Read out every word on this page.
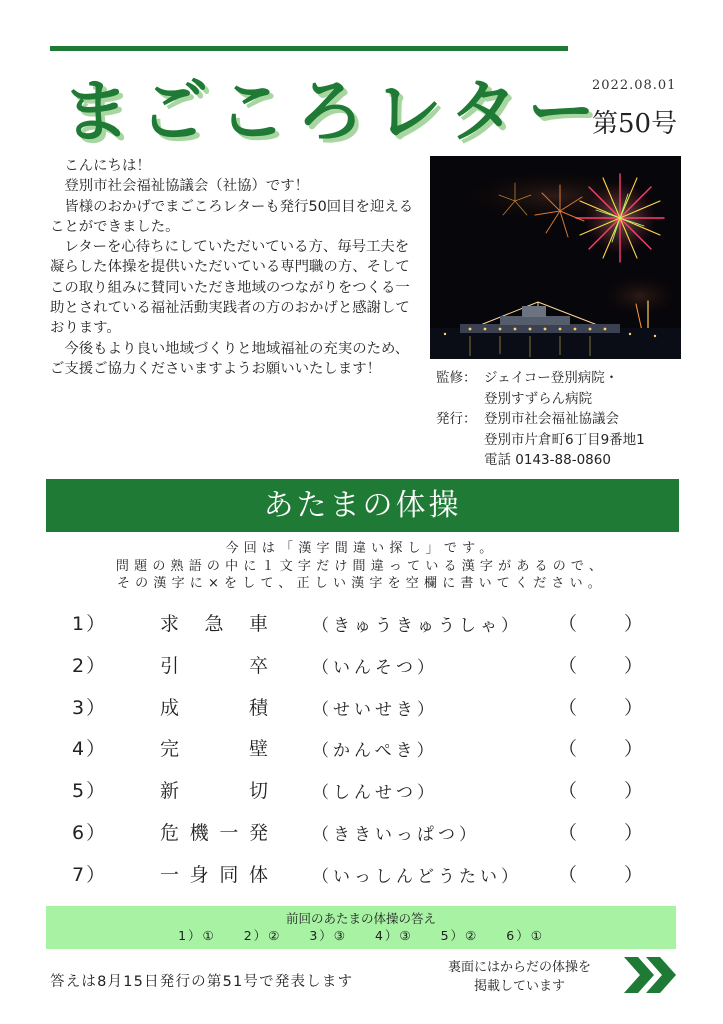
まごころレター
2022.08.01
第50号

こんにちは！

登別市社会福祉協議会（社協）です！

皆様のおかげでまごころレターも発行50回目を迎えることができました。

レターを心待ちにしていただいている方、毎号工夫を凝らした体操を提供いただいている専門職の方、そしてこの取り組みに賛同いただき地域のつながりをつくる一助とされている福祉活動実践者の方のおかげと感謝しております。

今後もより良い地域づくりと地域福祉の充実のため、ご支援ご協力くださいますようお願いいたします！

監修： ジェイコー登別病院・
登別すずらん病院
発行： 登別市社会福祉協議会
登別市片倉町6丁目9番地1
電話 0143-88-0860
あたまの体操
今回は「漢字間違い探し」です。
問題の熟語の中に１文字だけ間違っている漢字があるので、
その漢字に×をして、正しい漢字を空欄に書いてください。
1）	求 急 車	（きゅうきゅうしゃ） （ ）
2）	引	卒	（いんそつ）	（ ）
3）	成	積	（せいせき）	（ ）
4）	完	壁	（かんぺき）	（ ）
5）	新	切	（しんせつ）	（ ）
6）	危 機 一 発	（ききいっぱつ）	（ ）
7）	一 身 同 体	（いっしんどうたい） （ ）
前回のあたまの体操の答え
1）① 2）② 3）③ 4）③ 5）② 6）①
答えは8月15日発行の第51号で発表します
裏面にはからだの体操を
掲載しています
